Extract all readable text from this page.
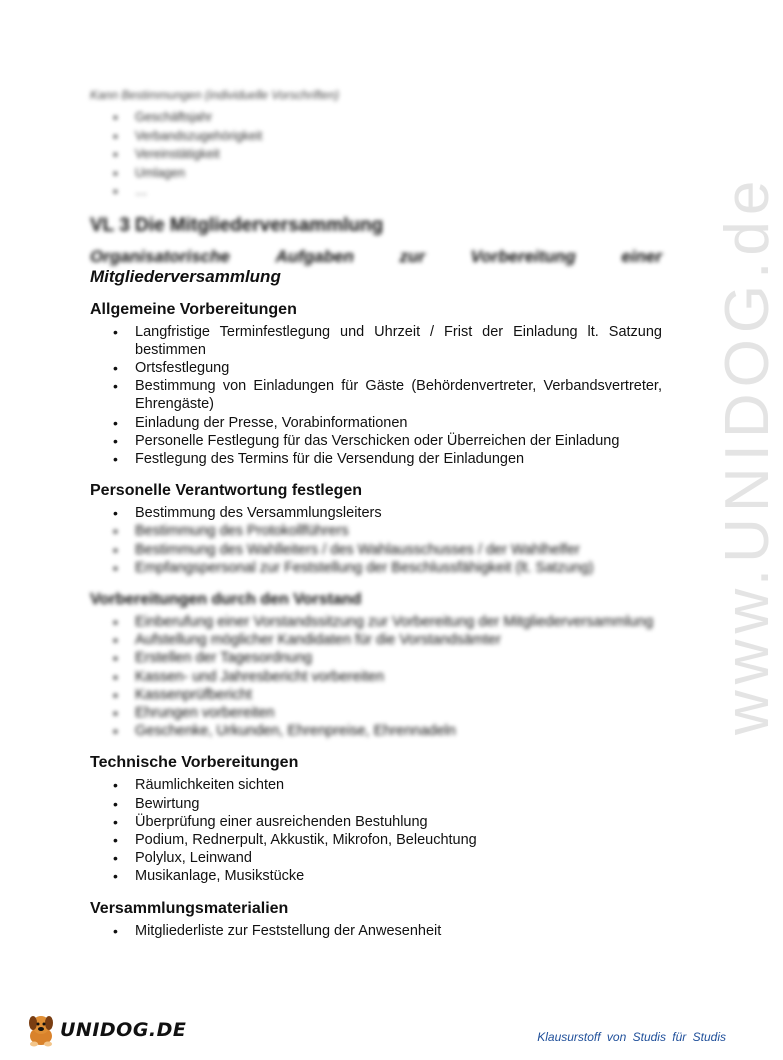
www.UNIDOG.de

Kann Bestimmungen (individuelle Vorschriften)

• Geschäftsjahr
• Verbandszugehörigkeit
• Vereinstätigkeit
• Umlagen
• …

VL 3 Die Mitgliederversammlung

Organisatorische	Aufgaben	zur	Vorbereitung	einer

Mitgliederversammlung

Allgemeine Vorbereitungen

• Langfristige Terminfestlegung und Uhrzeit / Frist der Einladung lt. Satzung bestimmen
• Ortsfestlegung
• Bestimmung von Einladungen für Gäste (Behördenvertreter, Verbandsvertreter, Ehrengäste)
• Einladung der Presse, Vorabinformationen
• Personelle Festlegung für das Verschicken oder Überreichen der Einladung
• Festlegung des Termins für die Versendung der Einladungen

Personelle Verantwortung festlegen

• Bestimmung des Versammlungsleiters
• Bestimmung des Protokollführers
• Bestimmung des Wahlleiters / des Wahlausschusses / der Wahlhelfer
• Empfangspersonal zur Feststellung der Beschlussfähigkeit (lt. Satzung)

Vorbereitungen durch den Vorstand

• Einberufung einer Vorstandssitzung zur Vorbereitung der Mitgliederversammlung
• Aufstellung möglicher Kandidaten für die Vorstandsämter
• Erstellen der Tagesordnung
• Kassen- und Jahresbericht vorbereiten
• Kassenprüfbericht
• Ehrungen vorbereiten
• Geschenke, Urkunden, Ehrenpreise, Ehrennadeln

Technische Vorbereitungen

• Räumlichkeiten sichten
• Bewirtung
• Überprüfung einer ausreichenden Bestuhlung
• Podium, Rednerpult, Akkustik, Mikrofon, Beleuchtung
• Polylux, Leinwand
• Musikanlage, Musikstücke

Versammlungsmaterialien

• Mitgliederliste zur Feststellung der Anwesenheit
UNIDOG.DE	Klausurstoff von Studis für Studis
